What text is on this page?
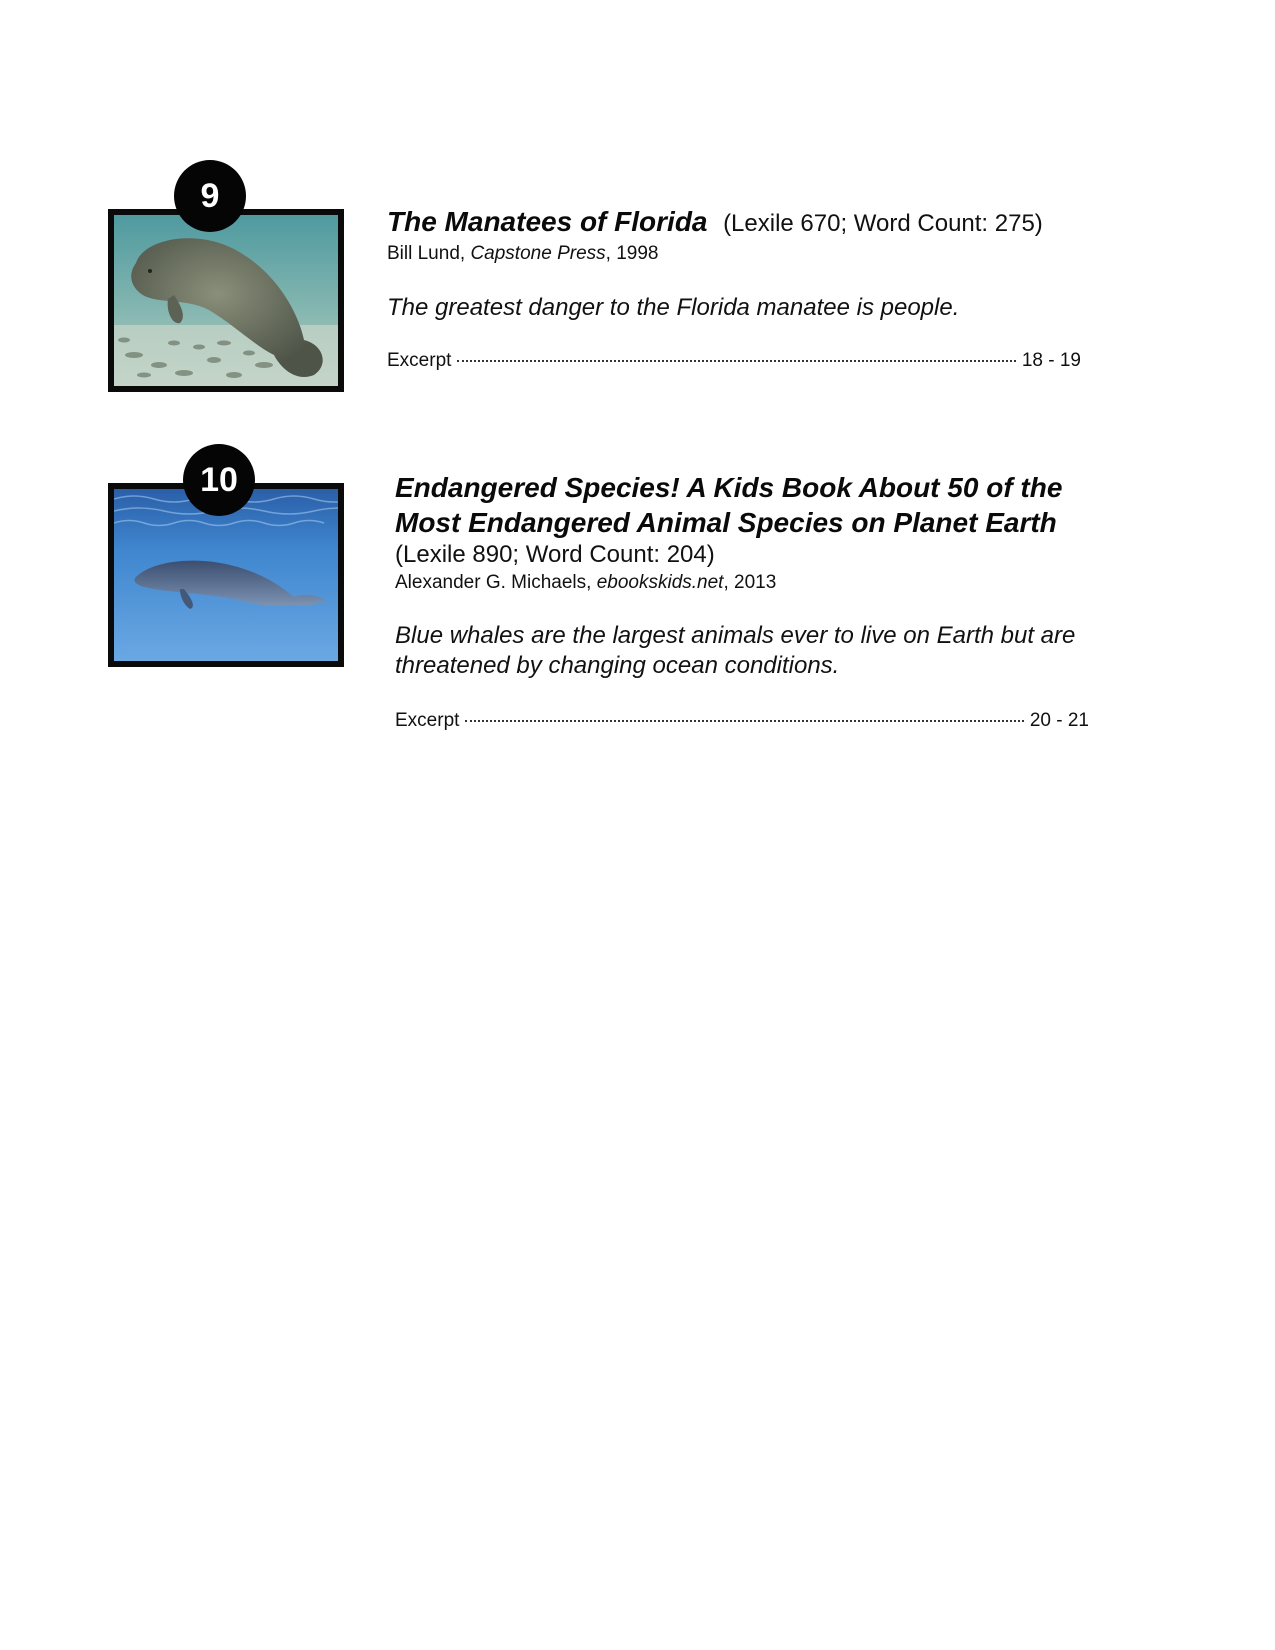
9
The Manatees of Florida (Lexile 670; Word Count: 275)
Bill Lund, Capstone Press, 1998
The greatest danger to the Florida manatee is people.
Excerpt	18 - 19
10	Endangered Species! A Kids Book About 50 of the
Most Endangered Animal Species on Planet Earth
(Lexile 890; Word Count: 204)
Alexander G. Michaels, ebookskids.net, 2013
Blue whales are the largest animals ever to live on Earth but are
threatened by changing ocean conditions.
Excerpt	20 - 21
